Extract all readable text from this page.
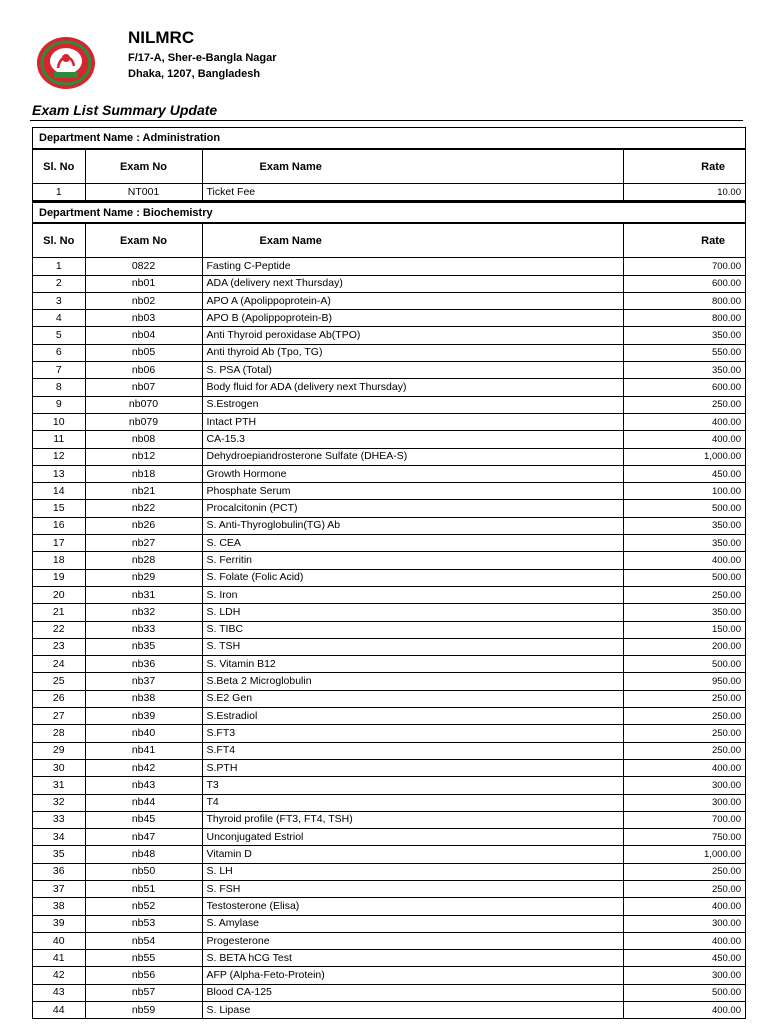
NILMRC
F/17-A, Sher-e-Bangla Nagar
Dhaka, 1207, Bangladesh
Exam List Summary Update
Department Name : Administration
Sl. No	Exam No	Exam Name	Rate
1	NT001	Ticket Fee	10.00
Department Name : Biochemistry
Sl. No	Exam No	Exam Name	Rate
1	0822	Fasting C-Peptide	700.00
2	nb01	ADA (delivery next Thursday)	600.00
3	nb02	APO A (Apolippoprotein-A)	800.00
4	nb03	APO B (Apolippoprotein-B)	800.00
5	nb04	Anti Thyroid peroxidase Ab(TPO)	350.00
6	nb05	Anti thyroid Ab (Tpo, TG)	550.00
7	nb06	S. PSA (Total)	350.00
8	nb07	Body fluid for ADA (delivery next Thursday)	600.00
9	nb070	S.Estrogen	250.00
10	nb079	Intact PTH	400.00
11	nb08	CA-15.3	400.00
12	nb12	Dehydroepiandrosterone Sulfate (DHEA-S)	1,000.00
13	nb18	Growth Hormone	450.00
14	nb21	Phosphate Serum	100.00
15	nb22	Procalcitonin (PCT)	500.00
16	nb26	S. Anti-Thyroglobulin(TG) Ab	350.00
17	nb27	S. CEA	350.00
18	nb28	S. Ferritin	400.00
19	nb29	S. Folate (Folic Acid)	500.00
20	nb31	S. Iron	250.00
21	nb32	S. LDH	350.00
22	nb33	S. TIBC	150.00
23	nb35	S. TSH	200.00
24	nb36	S. Vitamin B12	500.00
25	nb37	S.Beta 2 Microglobulin	950.00
26	nb38	S.E2 Gen	250.00
27	nb39	S.Estradiol	250.00
28	nb40	S.FT3	250.00
29	nb41	S.FT4	250.00
30	nb42	S.PTH	400.00
31	nb43	T3	300.00
32	nb44	T4	300.00
33	nb45	Thyroid profile (FT3, FT4, TSH)	700.00
34	nb47	Unconjugated Estriol	750.00
35	nb48	Vitamin D	1,000.00
36	nb50	S. LH	250.00
37	nb51	S. FSH	250.00
38	nb52	Testosterone (Elisa)	400.00
39	nb53	S. Amylase	300.00
40	nb54	Progesterone	400.00
41	nb55	S. BETA hCG Test	450.00
42	nb56	AFP (Alpha-Feto-Protein)	300.00
43	nb57	Blood CA-125	500.00
44	nb59	S. Lipase	400.00
